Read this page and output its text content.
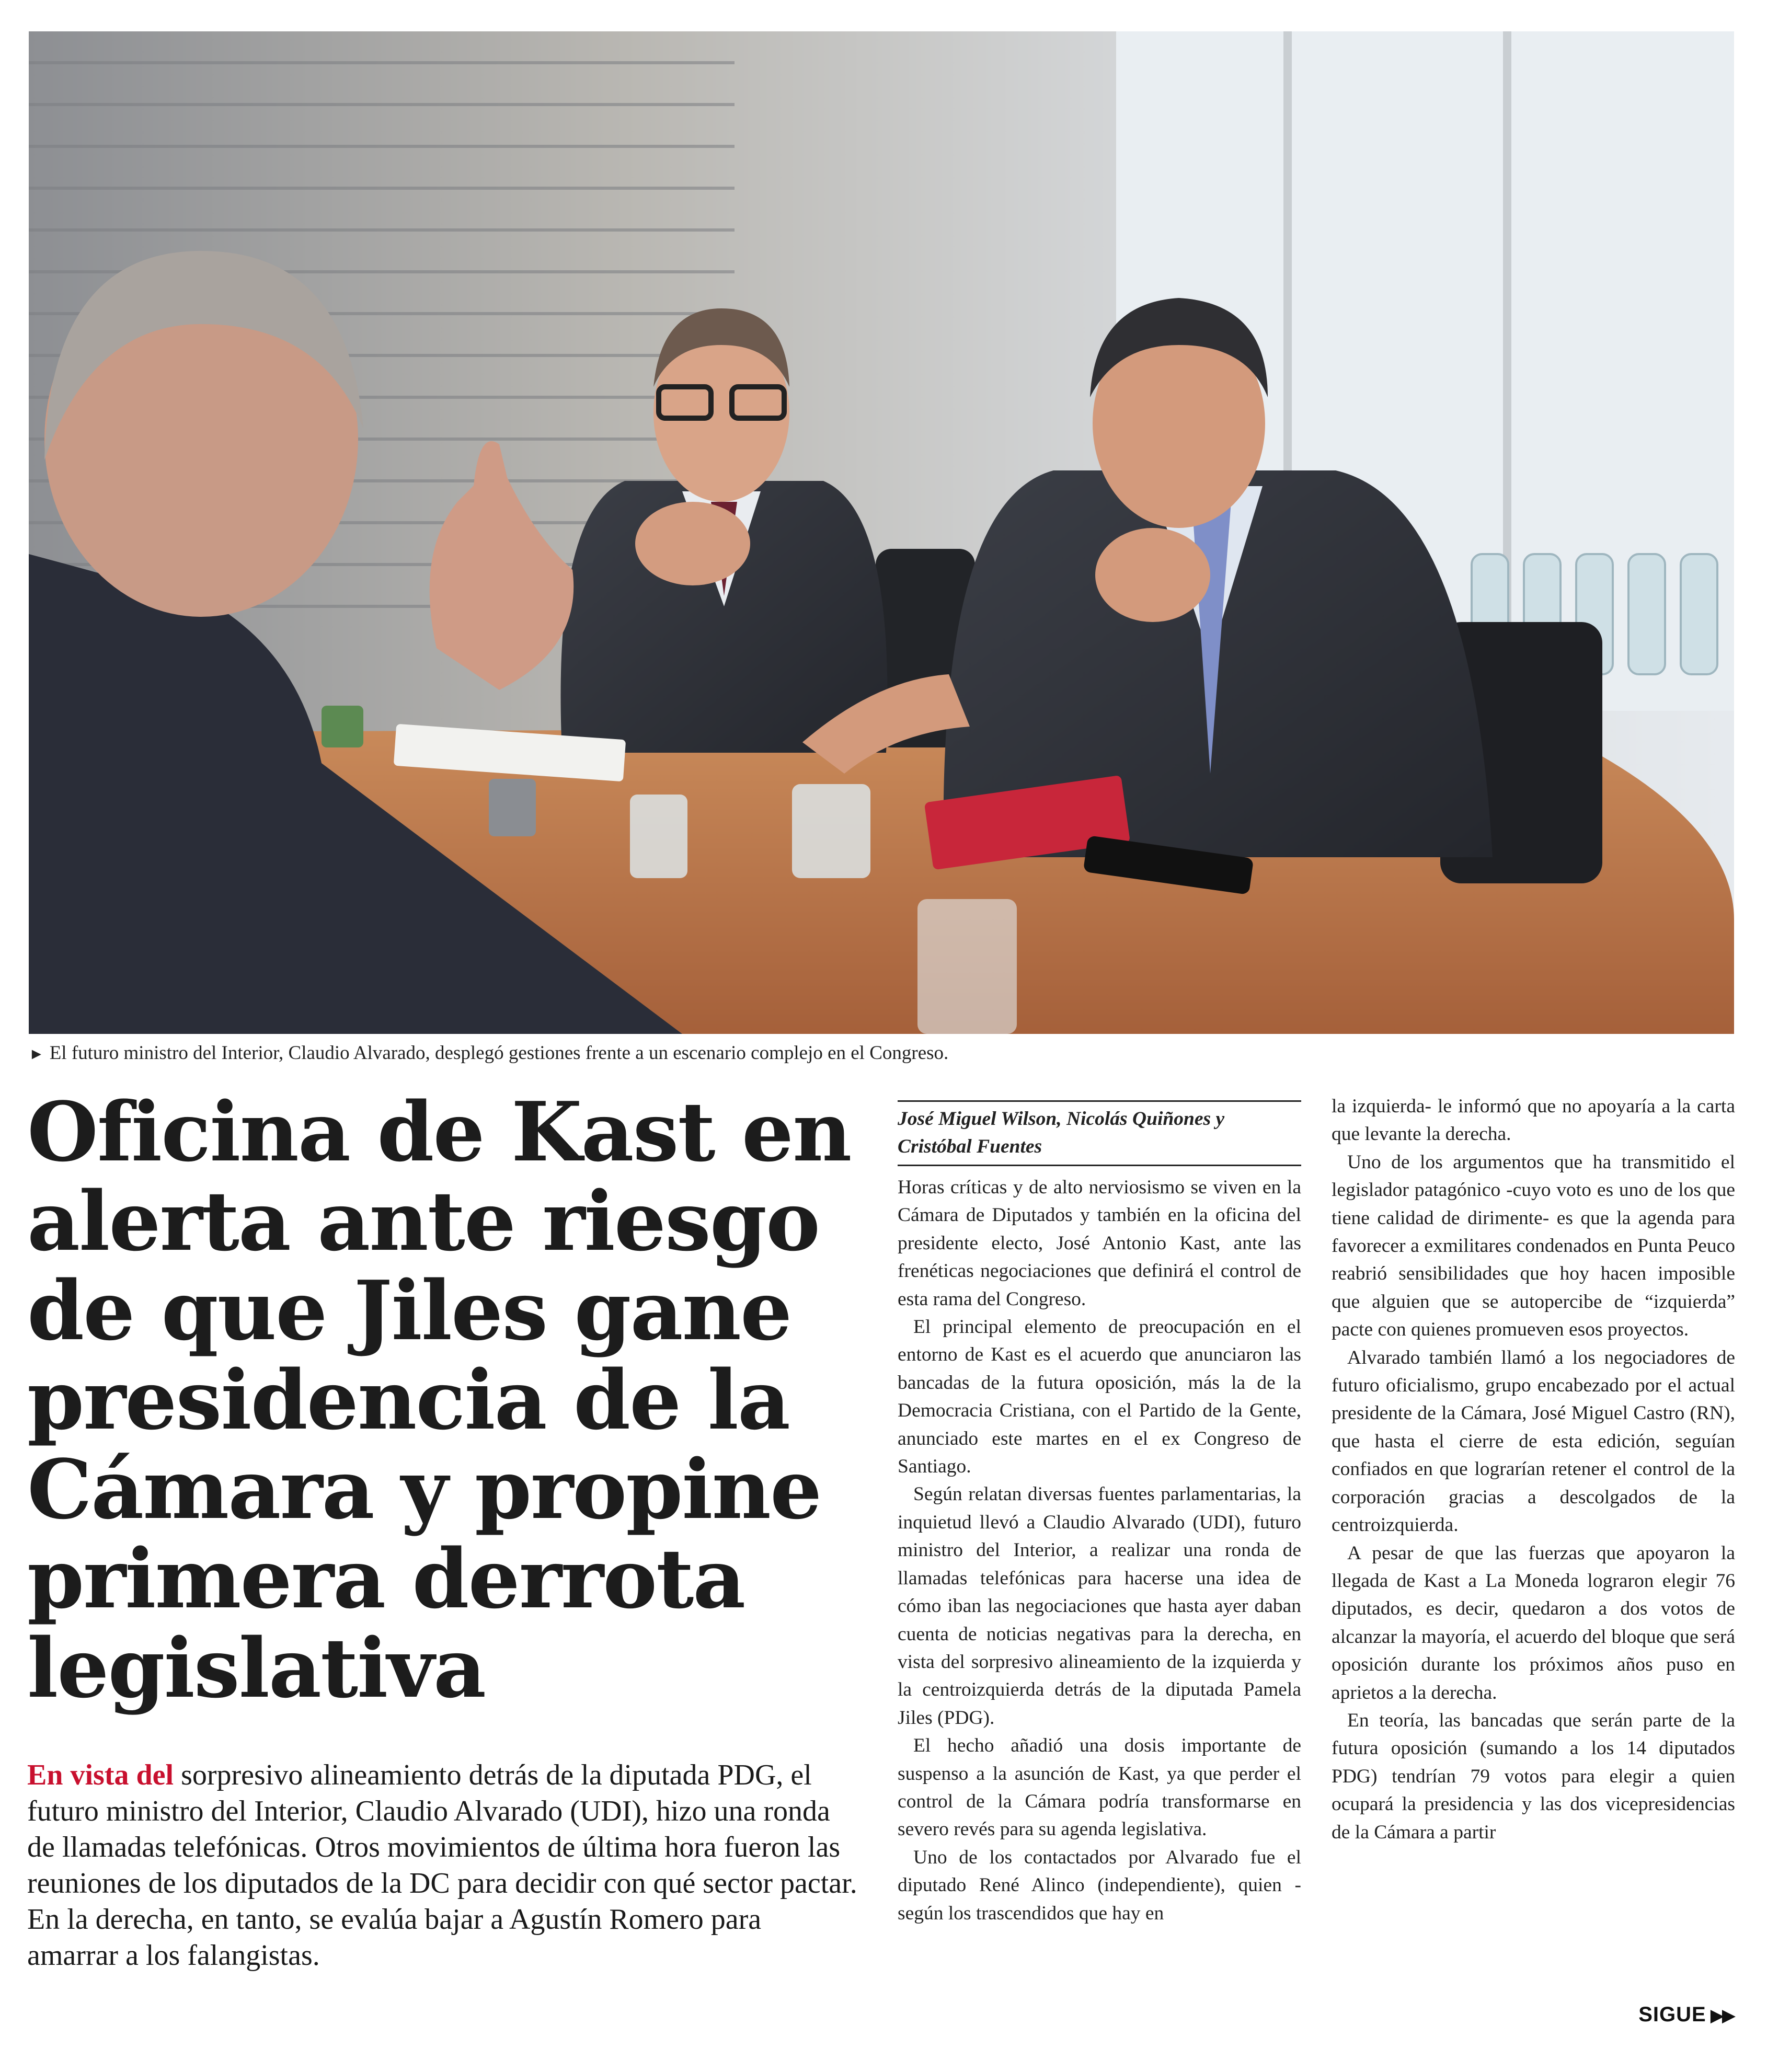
► El futuro ministro del Interior, Claudio Alvarado, desplegó gestiones frente a un escenario complejo en el Congreso.
Oficina de Kast en alerta ante riesgo de que Jiles gane presidencia de la Cámara y propine primera derrota legislativa
En vista del sorpresivo alineamiento detrás de la diputada PDG, el futuro ministro del Interior, Claudio Alvarado (UDI), hizo una ronda de llamadas telefónicas. Otros movimientos de última hora fueron las reuniones de los diputados de la DC para decidir con qué sector pactar. En la derecha, en tanto, se evalúa bajar a Agustín Romero para amarrar a los falangistas.
José Miguel Wilson, Nicolás Quiñones y Cristóbal Fuentes

Horas críticas y de alto nerviosismo se viven en la Cámara de Diputados y también en la oficina del presidente electo, José Antonio Kast, ante las frenéticas negociaciones que definirá el control de esta rama del Congreso.

El principal elemento de preocupación en el entorno de Kast es el acuerdo que anunciaron las bancadas de la futura oposición, más la de la Democracia Cristiana, con el Partido de la Gente, anunciado este martes en el ex Congreso de Santiago.

Según relatan diversas fuentes parlamentarias, la inquietud llevó a Claudio Alvarado (UDI), futuro ministro del Interior, a realizar una ronda de llamadas telefónicas para hacerse una idea de cómo iban las negociaciones que hasta ayer daban cuenta de noticias negativas para la derecha, en vista del sorpresivo alineamiento de la izquierda y la centroizquierda detrás de la diputada Pamela Jiles (PDG).

El hecho añadió una dosis importante de suspenso a la asunción de Kast, ya que perder el control de la Cámara podría transformarse en severo revés para su agenda legislativa.

Uno de los contactados por Alvarado fue el diputado René Alinco (independiente), quien -según los trascendidos que hay en

la izquierda- le informó que no apoyaría a la carta que levante la derecha.

Uno de los argumentos que ha transmitido el legislador patagónico -cuyo voto es uno de los que tiene calidad de dirimente- es que la agenda para favorecer a exmilitares condenados en Punta Peuco reabrió sensibilidades que hoy hacen imposible que alguien que se autopercibe de “izquierda” pacte con quienes promueven esos proyectos.

Alvarado también llamó a los negociadores de futuro oficialismo, grupo encabezado por el actual presidente de la Cámara, José Miguel Castro (RN), que hasta el cierre de esta edición, seguían confiados en que lograrían retener el control de la corporación gracias a descolgados de la centroizquierda.

A pesar de que las fuerzas que apoyaron la llegada de Kast a La Moneda lograron elegir 76 diputados, es decir, quedaron a dos votos de alcanzar la mayoría, el acuerdo del bloque que será oposición durante los próximos años puso en aprietos a la derecha.

En teoría, las bancadas que serán parte de la futura oposición (sumando a los 14 diputados PDG) tendrían 79 votos para elegir a quien ocupará la presidencia y las dos vicepresidencias de la Cámara a partir

SIGUE ▶▶
